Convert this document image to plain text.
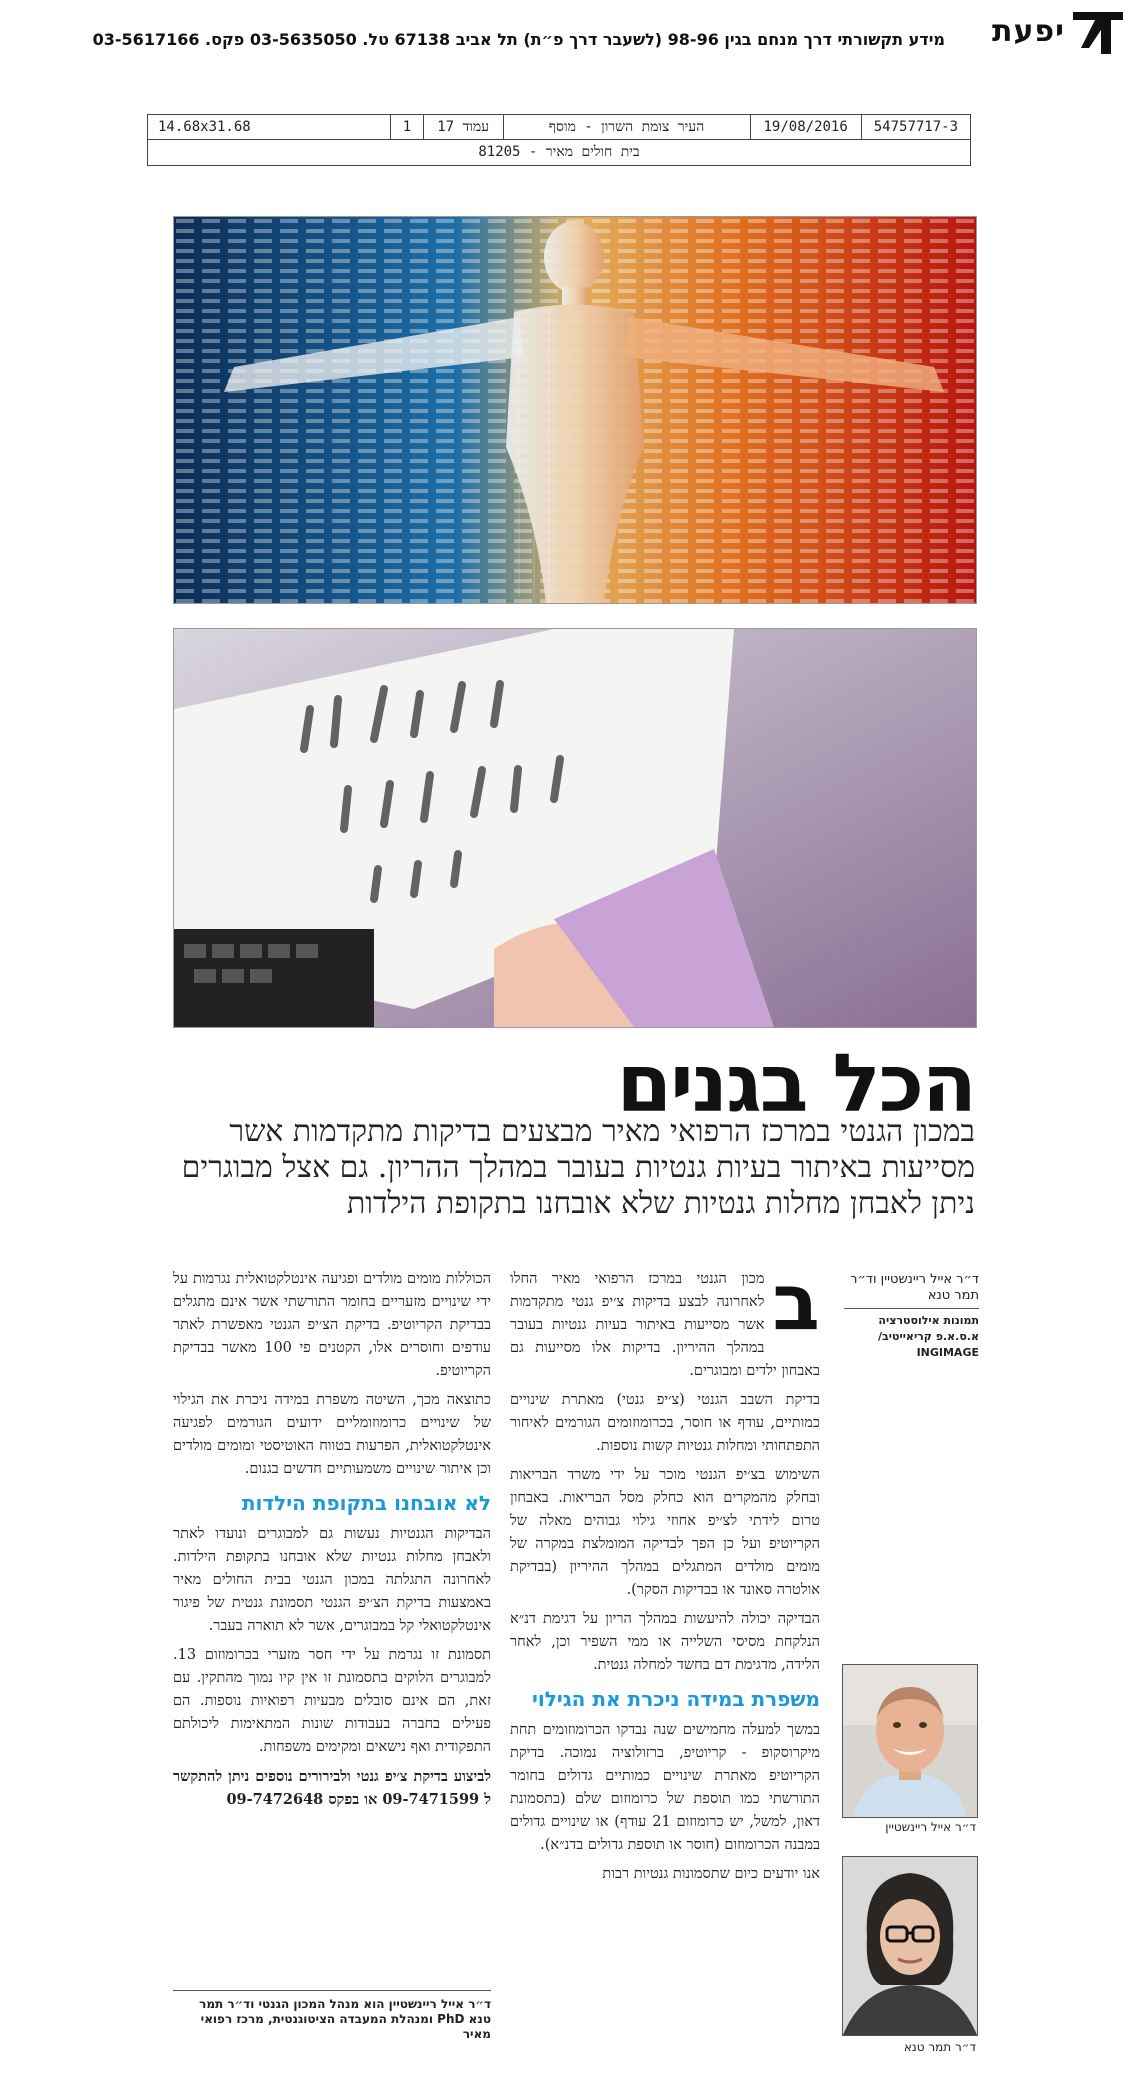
יפעת
מידע תקשורתי דרך מנחם בגין 98-96 (לשעבר דרך פ״ת) תל אביב 67138 טל. 03-5635050 פקס. 03-5617166
54757717-3
19/08/2016
העיר צומת השרון - מוסף
עמוד 17
1
14.68x31.68
בית חולים מאיר - 81205
הכל בגנים
במכון הגנטי במרכז הרפואי מאיר מבצעים בדיקות מתקדמות אשר מסייעות באיתור בעיות גנטיות בעובר במהלך ההריון. גם אצל מבוגרים ניתן לאבחן מחלות גנטיות שלא אובחנו בתקופת הילדות
ד״ר אייל ריינשטיין וד״ר תמר טנא
תמונות אילוסטרציה א.ס.א.פ קריאייטיב/ INGIMAGE

ב
מכון הגנטי במרכז הרפואי מאיר החלו לאחרונה לבצע בדיקות צ׳יפ גנטי מתקדמות אשר מסייעות באיתור בעיות גנטיות בעובר במהלך ההיריון. בדיקות אלו מסייעות גם באבחון ילדים ומבוגרים.

בדיקת השבב הגנטי (צ׳יפ גנטי) מאתרת שינויים כמותיים, עודף או חוסר, בכרומוזומים הגורמים לאיחור התפתחותי ומחלות גנטיות קשות נוספות.

השימוש בצ׳יפ הגנטי מוכר על ידי משרד הבריאות ובחלק מהמקרים הוא כחלק מסל הבריאות. באבחון טרום לידתי לצ׳יפ אחוזי גילוי גבוהים מאלה של הקריוטיפ ועל כן הפך לבדיקה המומלצת במקרה של מומים מולדים המתגלים במהלך ההיריון (בבדיקת אולטרה סאונד או בבדיקות הסקר).

הבדיקה יכולה להיעשות במהלך הריון על דגימת דנ״א הנלקחת מסיסי השלייה או ממי השפיר וכן, לאחר הלידה, מדגימת דם בחשד למחלה גנטית.

משפרת במידה ניכרת את הגילוי

במשך למעלה מחמישים שנה נבדקו הכרומוזומים תחת מיקרוסקופ - קריוטיפ, ברזולוציה נמוכה. בדיקת הקריוטיפ מאתרת שינויים כמותיים גדולים בחומר התורשתי כמו תוספת של כרומוזום שלם (בתסמונת דאון, למשל, יש כרומוזום 21 עודף) או שינויים גדולים במבנה הכרומוזום (חוסר או תוספת גדולים בדנ״א).

אנו יודעים כיום שתסמונות גנטיות רבות

הכוללות מומים מולדים ופגיעה אינטלקטואלית נגרמות על ידי שינויים מזעריים בחומר התורשתי אשר אינם מתגלים בבדיקת הקריוטיפ. בדיקת הצ׳יפ הגנטי מאפשרת לאתר עודפים וחוסרים אלו, הקטנים פי 100 מאשר בבדיקת הקריוטיפ.

כתוצאה מכך, השיטה משפרת במידה ניכרת את הגילוי של שינויים כרומוזומליים ידועים הגורמים לפגיעה אינטלקטואלית, הפרעות בטווח האוטיסטי ומומים מולדים וכן איתור שינויים משמעותיים חדשים בגנום.

לא אובחנו בתקופת הילדות

הבדיקות הגנטיות נעשות גם למבוגרים ונועדו לאתר ולאבחן מחלות גנטיות שלא אובחנו בתקופת הילדות. לאחרונה התגלתה במכון הגנטי בבית החולים מאיר באמצעות בדיקת הצ׳יפ הגנטי תסמונת גנטית של פיגור אינטלקטואלי קל במבוגרים, אשר לא תוארה בעבר.

תסמונת זו נגרמת על ידי חסר מזערי בכרומוזום 13. למבוגרים הלוקים בתסמונת זו אין קיו נמוך מהתקין. עם זאת, הם אינם סובלים מבעיות רפואיות נוספות. הם פעילים בחברה בעבודות שונות המתאימות ליכולתם התפקודית ואף נישאים ומקימים משפחות.

לביצוע בדיקת צ׳יפ גנטי ולבירורים נוספים ניתן להתקשר ל 09-7471599 או בפקס 09-7472648

ד״ר אייל ריינשטיין הוא מנהל המכון הגנטי וד״ר תמר טנא PhD ומנהלת המעבדה הציטוגנטית, מרכז רפואי מאיר
ד״ר אייל ריינשטיין
ד״ר תמר טנא
